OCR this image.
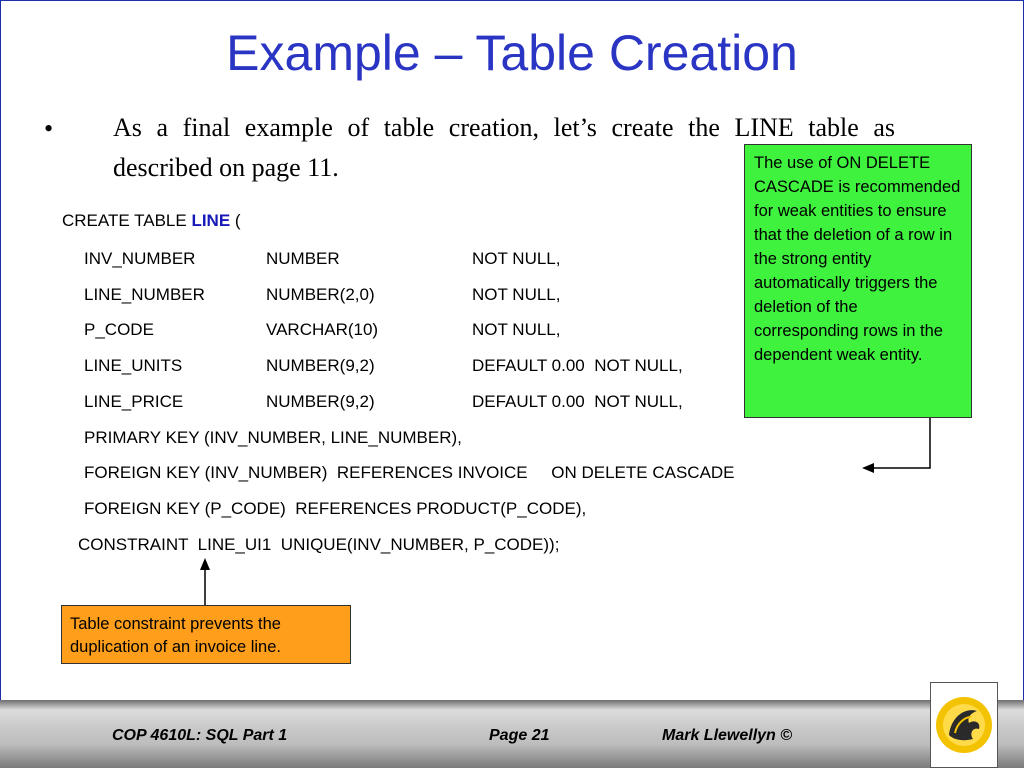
Example – Table Creation
• As a final example of table creation, let’s create the LINE table as described on page 11.
CREATE TABLE LINE (
INV_NUMBER	NUMBER	NOT NULL,
LINE_NUMBER	NUMBER(2,0)	NOT NULL,
P_CODE	VARCHAR(10)	NOT NULL,
LINE_UNITS	NUMBER(9,2)	DEFAULT 0.00  NOT NULL,
LINE_PRICE	NUMBER(9,2)	DEFAULT 0.00  NOT NULL,
PRIMARY KEY (INV_NUMBER, LINE_NUMBER),
FOREIGN KEY (INV_NUMBER)  REFERENCES INVOICE     ON DELETE CASCADE
FOREIGN KEY (P_CODE)  REFERENCES PRODUCT(P_CODE),
CONSTRAINT  LINE_UI1  UNIQUE(INV_NUMBER, P_CODE));
The use of ON DELETE CASCADE is recommended for weak entities to ensure that the deletion of a row in the strong entity automatically triggers the deletion of the corresponding rows in the dependent weak entity.
Table constraint prevents the duplication of an invoice line.
COP 4610L: SQL Part 1	Page 21	Mark Llewellyn ©
